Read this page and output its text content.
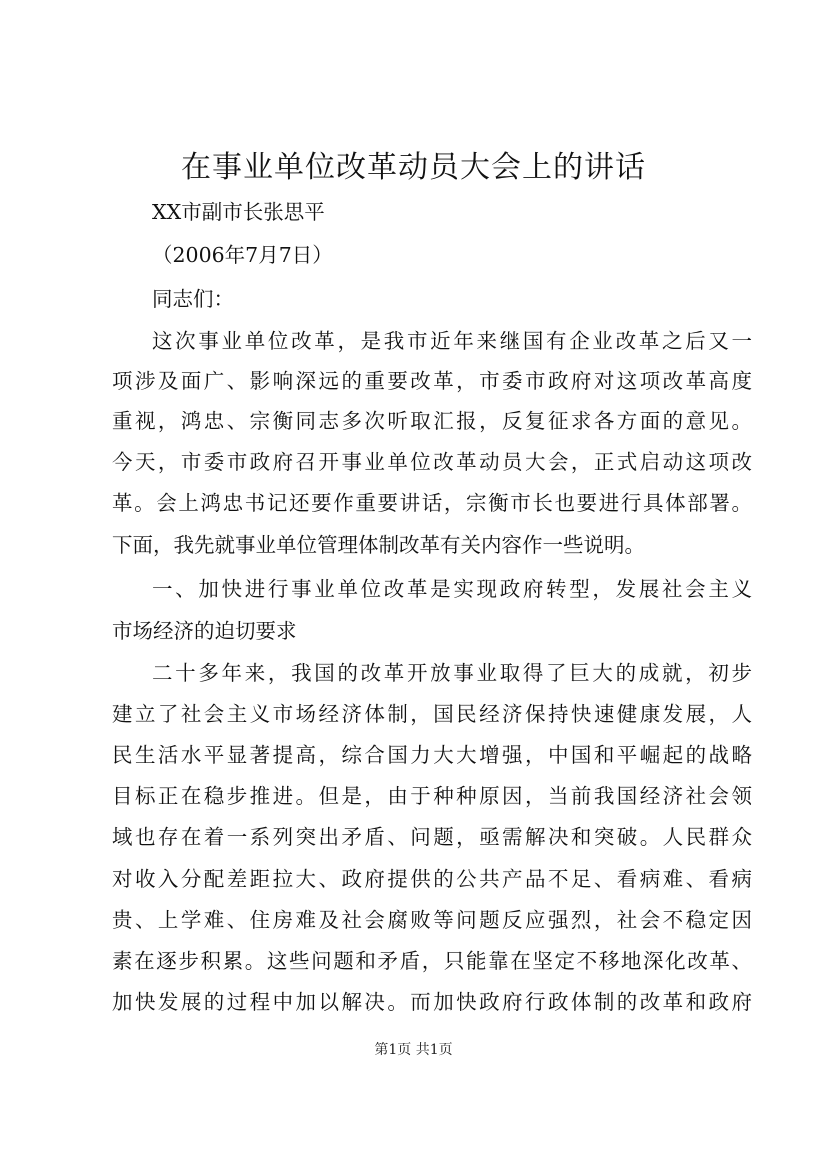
在事业单位改革动员大会上的讲话
XX市副市长张思平
（2006年7月7日）
同志们：
这次事业单位改革，是我市近年来继国有企业改革之后又一
项涉及面广、影响深远的重要改革，市委市政府对这项改革高度
重视，鸿忠、宗衡同志多次听取汇报，反复征求各方面的意见。
今天，市委市政府召开事业单位改革动员大会，正式启动这项改
革。会上鸿忠书记还要作重要讲话，宗衡市长也要进行具体部署。
下面，我先就事业单位管理体制改革有关内容作一些说明。
一、加快进行事业单位改革是实现政府转型，发展社会主义
市场经济的迫切要求
二十多年来，我国的改革开放事业取得了巨大的成就，初步
建立了社会主义市场经济体制，国民经济保持快速健康发展，人
民生活水平显著提高，综合国力大大增强，中国和平崛起的战略
目标正在稳步推进。但是，由于种种原因，当前我国经济社会领
域也存在着一系列突出矛盾、问题，亟需解决和突破。人民群众
对收入分配差距拉大、政府提供的公共产品不足、看病难、看病
贵、上学难、住房难及社会腐败等问题反应强烈，社会不稳定因
素在逐步积累。这些问题和矛盾，只能靠在坚定不移地深化改革、
加快发展的过程中加以解决。而加快政府行政体制的改革和政府
第1页 共1页
